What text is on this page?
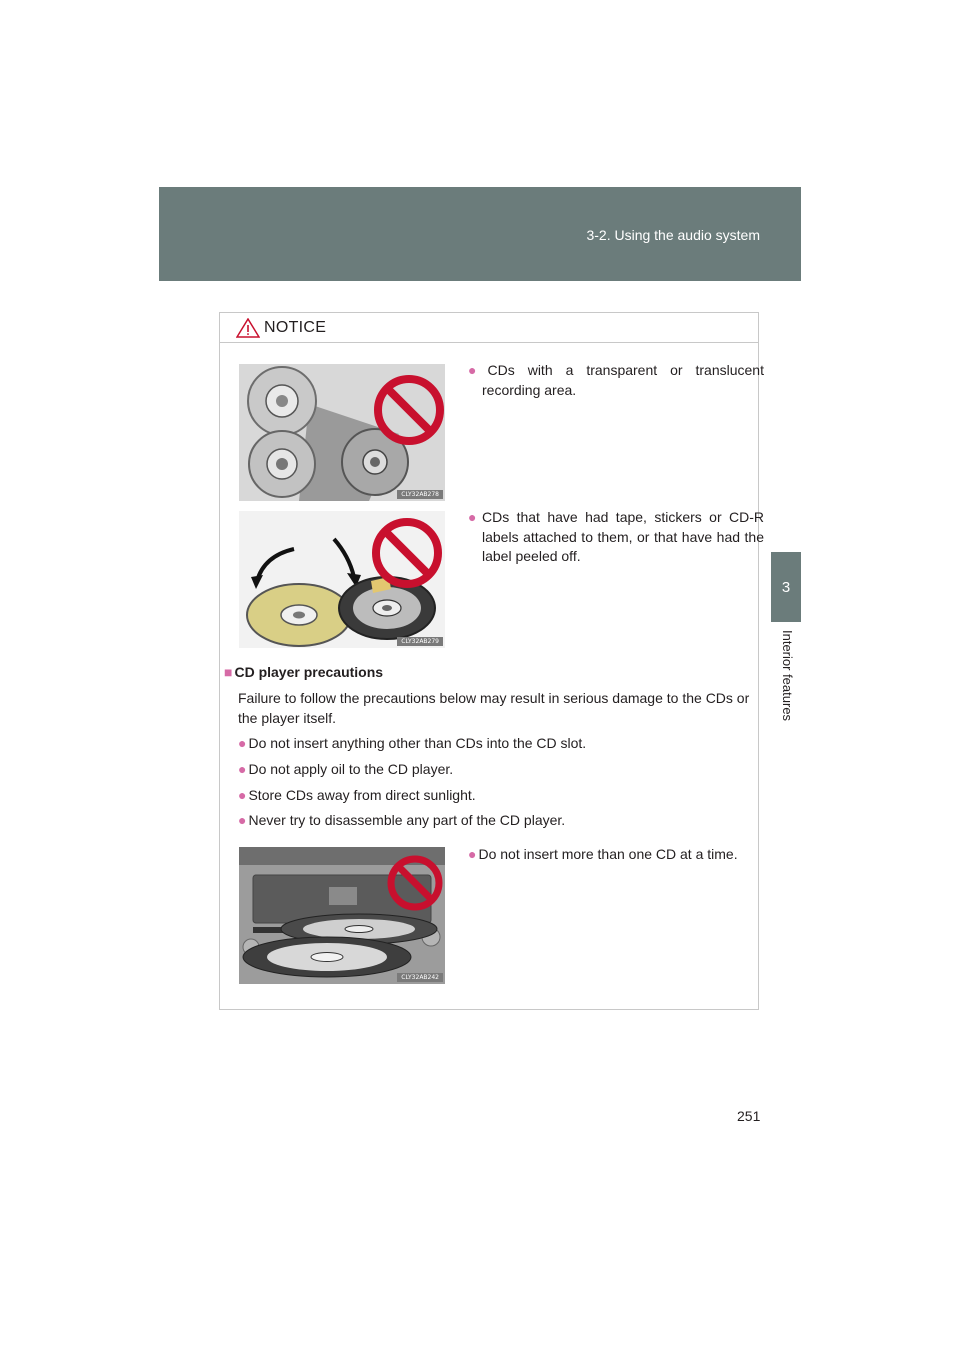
3-2. Using the audio system
3
Interior features
NOTICE
CLY32AB278
● CDs with a transparent or translucent recording area.
CLY32AB279
● CDs that have had tape, stickers or CD-R labels attached to them, or that have had the label peeled off.
■ CD player precautions
Failure to follow the precautions below may result in serious damage to the CDs or the player itself.
● Do not insert anything other than CDs into the CD slot.
● Do not apply oil to the CD player.
● Store CDs away from direct sunlight.
● Never try to disassemble any part of the CD player.
CLY32AB242
● Do not insert more than one CD at a time.
251
